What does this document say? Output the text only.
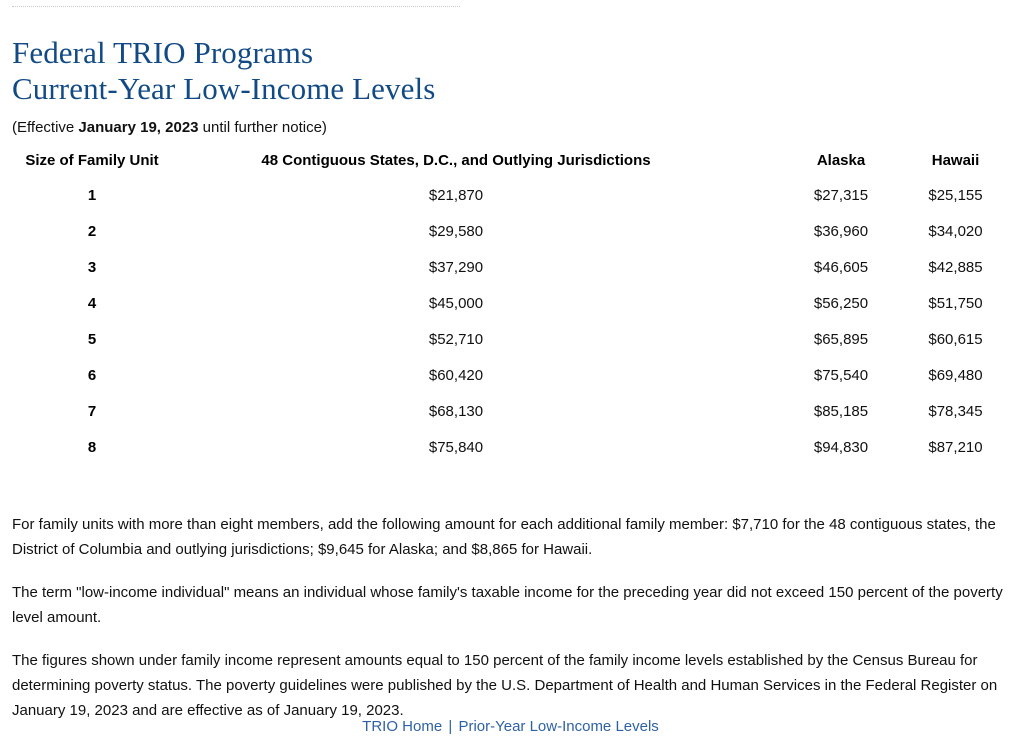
Federal TRIO Programs
Current-Year Low-Income Levels
(Effective January 19, 2023 until further notice)
Size of Family Unit	48 Contiguous States, D.C., and Outlying Jurisdictions	Alaska	Hawaii
1	$21,870	$27,315	$25,155
2	$29,580	$36,960	$34,020
3	$37,290	$46,605	$42,885
4	$45,000	$56,250	$51,750
5	$52,710	$65,895	$60,615
6	$60,420	$75,540	$69,480
7	$68,130	$85,185	$78,345
8	$75,840	$94,830	$87,210

For family units with more than eight members, add the following amount for each additional family member: $7,710 for the 48 contiguous states, the District of Columbia and outlying jurisdictions; $9,645 for Alaska; and $8,865 for Hawaii.

The term "low-income individual" means an individual whose family's taxable income for the preceding year did not exceed 150 percent of the poverty level amount.

The figures shown under family income represent amounts equal to 150 percent of the family income levels established by the Census Bureau for determining poverty status. The poverty guidelines were published by the U.S. Department of Health and Human Services in the Federal Register on January 19, 2023 and are effective as of January 19, 2023.

TRIO Home | Prior-Year Low-Income Levels
